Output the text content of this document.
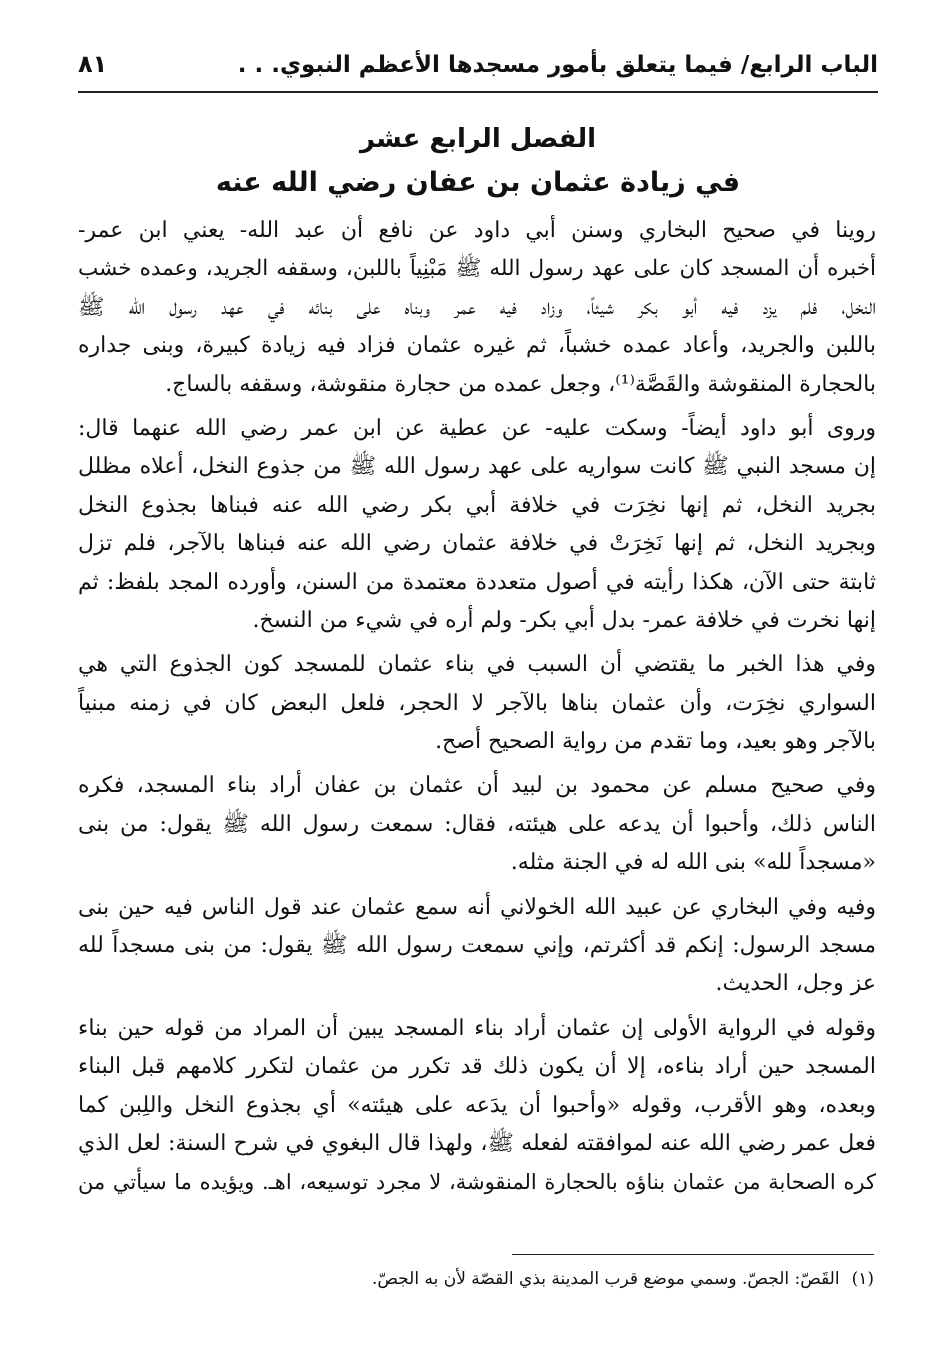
الباب الرابع/ فيما يتعلق بأمور مسجدها الأعظم النبوي. . .
٨١
الفصل الرابع عشر
في زيادة عثمان بن عفان رضي الله عنه
روينا في صحيح البخاري وسنن أبي داود عن نافع أن عبد الله- يعني ابن عمر-
أخبره أن المسجد كان على عهد رسول الله ﷺ مَبْنِياً باللبن، وسقفه الجريد، وعمده خشب
النخل، فلم يزد فيه أبو بكر شيئاً، وزاد فيه عمر وبناه على بنائه في عهد رسول الله ﷺ
باللبن والجريد، وأعاد عمده خشباً، ثم غيره عثمان فزاد فيه زيادة كبيرة، وبنى جداره
بالحجارة المنقوشة والقَصَّة⁽¹⁾، وجعل عمده من حجارة منقوشة، وسقفه بالساج.
وروى أبو داود أيضاً- وسكت عليه- عن عطية عن ابن عمر رضي الله عنهما قال:
إن مسجد النبي ﷺ كانت سواريه على عهد رسول الله ﷺ من جذوع النخل، أعلاه مظلل
بجريد النخل، ثم إنها نخِرَت في خلافة أبي بكر رضي الله عنه فبناها بجذوع النخل
وبجريد النخل، ثم إنها نَخِرَتْ في خلافة عثمان رضي الله عنه فبناها بالآجر، فلم تزل
ثابتة حتى الآن، هكذا رأيته في أصول متعددة معتمدة من السنن، وأورده المجد بلفظ: ثم
إنها نخرت في خلافة عمر- بدل أبي بكر- ولم أره في شيء من النسخ.
وفي هذا الخبر ما يقتضي أن السبب في بناء عثمان للمسجد كون الجذوع التي هي
السواري نخِرَت، وأن عثمان بناها بالآجر لا الحجر، فلعل البعض كان في زمنه مبنياً
بالآجر وهو بعيد، وما تقدم من رواية الصحيح أصح.
وفي صحيح مسلم عن محمود بن لبيد أن عثمان بن عفان أراد بناء المسجد، فكره
الناس ذلك، وأحبوا أن يدعه على هيئته، فقال: سمعت رسول الله ﷺ يقول: من بنى
«مسجداً لله» بنى الله له في الجنة مثله.
وفيه وفي البخاري عن عبيد الله الخولاني أنه سمع عثمان عند قول الناس فيه حين بنى
مسجد الرسول: إنكم قد أكثرتم، وإني سمعت رسول الله ﷺ يقول: من بنى مسجداً لله
عز وجل، الحديث.
وقوله في الرواية الأولى إن عثمان أراد بناء المسجد يبين أن المراد من قوله حين بناء
المسجد حين أراد بناءه، إلا أن يكون ذلك قد تكرر من عثمان لتكرر كلامهم قبل البناء
وبعده، وهو الأقرب، وقوله «وأحبوا أن يدَعه على هيئته» أي بجذوع النخل واللِبن كما
فعل عمر رضي الله عنه لموافقته لفعله ﷺ، ولهذا قال البغوي في شرح السنة: لعل الذي
كره الصحابة من عثمان بناؤه بالحجارة المنقوشة، لا مجرد توسيعه، اهـ. ويؤيده ما سيأتي من
(١)القَصّ: الجصّ. وسمي موضع قرب المدينة بذي القصّة لأن به الجصّ.
